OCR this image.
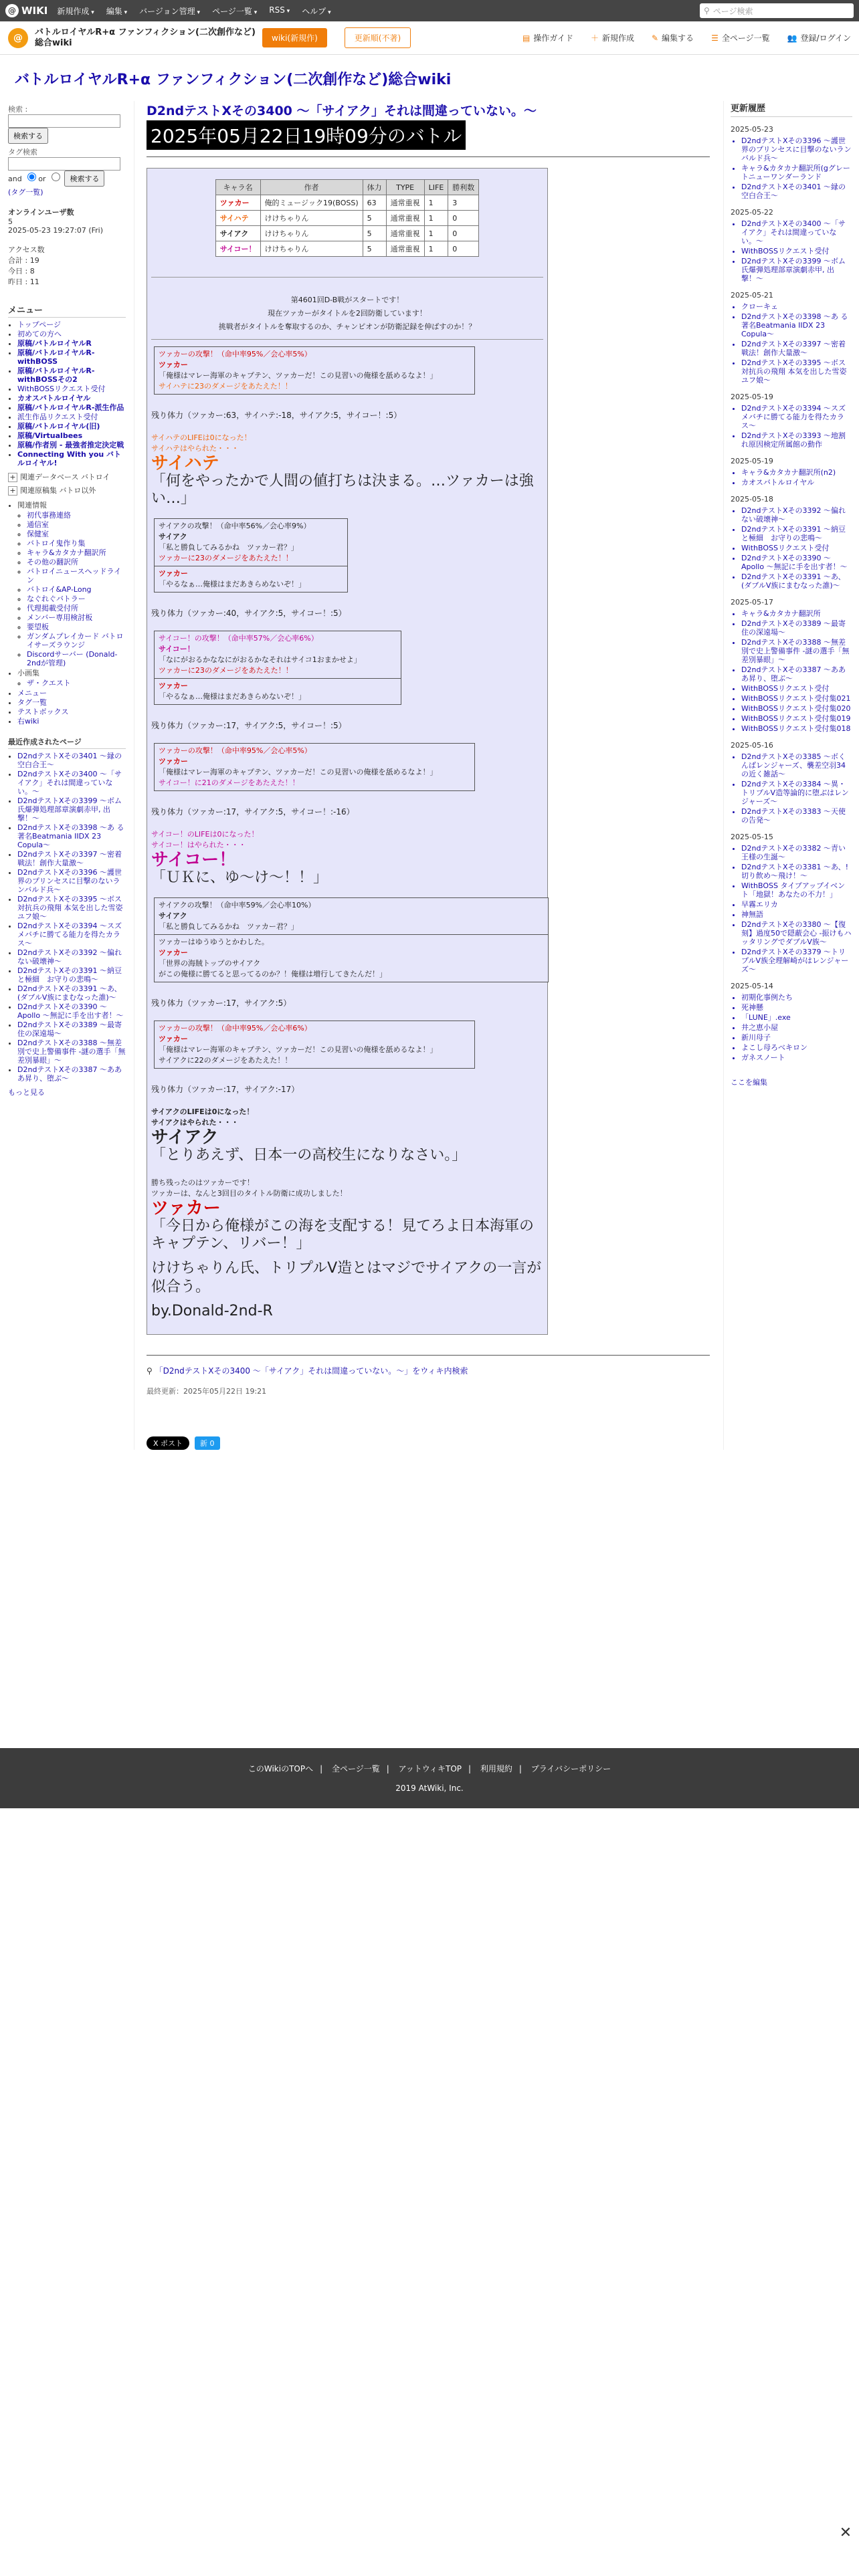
@ WIKI 新規作成 ▾	編集 ▾	バージョン管理 ▾	ページ一覧 ▾	RSS ▾	ヘルプ ▾	⚲ ページ検索
@
バトルロイヤルR+α ファンフィクション(二次創作など)総合wiki	wiki(新規作)	更新順(不著)	▤ 操作ガイド ＋ 新規作成 ✎ 編集する ☰ 全ページ一覧 👥 登録/ログイン
バトルロイヤルR+α ファンフィクション(二次創作など)総合wiki
検索 :

検索する
タグ検索
and or	検索する
(タグ一覧)
オンラインユーザ数
5
2025-05-23 19:27:07 (Fri)
アクセス数
合計 : 19
今日 : 8
昨日 : 11
メニュー
• トップページ
• 初めての方へ
• 原稿/バトルロイヤルR
• 原稿/バトルロイヤルR-withBOSS
• 原稿/バトルロイヤルR-withBOSSその2
• WithBOSSリクエスト受付
• カオスバトルロイヤル
• 原稿/バトルロイヤルR-派生作品
• 派生作品リクエスト受付
• 原稿/バトルロイヤル(旧)
• 原稿/Virtualbees
• 原稿/作者別 - 最強者推定決定戦
• Connecting With you バトルロイヤル!
+ 関連データベース バトロイ
+ 関連原稿集 バトロ以外
• 関連情報
◦ 初代事務連絡
◦ 通信室
◦ 保健室
◦ バトロイ鬼作り集
◦ キャラ&カタカナ翻訳所
◦ その他の翻訳所
◦ バトロイニュースヘッドライン
◦ バトロイ&AP-Long
◦ なぐれぐバトラー
◦ 代理掲載受付所
◦ メンバー専用検討板
◦ 要望板
◦ ガンダムプレイカード バトロイサーズラウンジ
◦ Discordサーバー (Donald-2ndが管理)
• 小画集
◦ ザ・クエスト
• メニュー
• タグ一覧
• テストボックス
• 右wiki
最近作成されたページ
• D2ndテストXその3401 〜縁の空白合王〜
• D2ndテストXその3400 〜「サイアク」それは間違っていない。〜
• D2ndテストXその3399 〜ボム氏爆弾処理部章演劇赤甲, 出撃！〜
• D2ndテストXその3398 〜あ る著名Beatmania IIDX 23 Copula〜
• D2ndテストXその3397 〜密着戦法！創作大量激〜
• D2ndテストXその3396 〜護世界のプリンセスに目撃のないランバルド兵〜
• D2ndテストXその3395 〜ボス対抗兵の飛翔 本気を出した雪姿ユフ娘〜
• D2ndテストXその3394 〜スズメバチに勝てる能力を得たカラス〜
• D2ndテストXその3392 〜偏れない破壊神〜
• D2ndテストXその3391 〜納豆と極細　お守りの悲鳴〜
• D2ndテストXその3391 〜あ、(ダブルV族にまむなった誰)〜
• D2ndテストXその3390 〜Apollo 〜無記に手を出す者！〜
• D2ndテストXその3389 〜最寄住の深遠場〜
• D2ndテストXその3388 〜無差別で史上警備事件 -謎の選手「無差別暴眼」〜
• D2ndテストXその3387 〜あああ昇り、堕ぶ〜
もっと見る
D2ndテストXその3400 〜「サイアク」それは間違っていない。〜
2025年05月22日19時09分のバトル
キャラ名	作者	体力	TYPE	LIFE	勝利数
ツァカー	俺的ミュージック19(BOSS)	63	通常重視	1	3
サイハテ	けけちゃりん	5	通常重視	1	0
サイアク	けけちゃりん	5	通常重視	1	0
サイコー！	けけちゃりん	5	通常重視	1	0
第4601回D-B戦がスタートです！
現在ツァカーがタイトルを2回防衛しています！
挑戦者がタイトルを奪取するのか、チャンピオンが防衛記録を伸ばすのか！？
ツァカーの攻撃！（命中率95%／会心率5%）
ツァカー
「俺様はマレー海軍のキャプテン、ツァカーだ！この見習いの俺様を舐めるなよ！」
サイハテに23のダメージをあたえた！！
残り体力（ツァカー:63，サイハテ:-18，サイアク:5，サイコー！:5）
サイハテのLIFEは0になった！
サイハテはやられた・・・
サイハテ
「何をやったかで人間の値打ちは決まる。…ツァカーは強い…」
サイアクの攻撃！（命中率56%／会心率9%）
サイアク
「私と勝負してみるかね　ツァカー君？」
ツァカーに23のダメージをあたえた！！
ツァカー
「やるなぁ…俺様はまだあきらめないぞ！」
残り体力（ツァカー:40，サイアク:5，サイコー！:5）
サイコー！の攻撃！（命中率57%／会心率6%）
サイコー！
「なにがおるかななにがおるかなそれはサイコ1おまかせよ」
ツァカーに23のダメージをあたえた！！
ツァカー
「やるなぁ…俺様はまだあきらめないぞ！」
残り体力（ツァカー:17，サイアク:5，サイコー！:5）
ツァカーの攻撃！（命中率95%／会心率5%）
ツァカー
「俺様はマレー海軍のキャプテン、ツァカーだ！この見習いの俺様を舐めるなよ！」
サイコー！に21のダメージをあたえた！！
残り体力（ツァカー:17，サイアク:5，サイコー！:-16）
サイコー！のLIFEは0になった！
サイコー！はやられた・・・
サイコー！
「ＵＫに、ゆ〜け〜！！」
サイアクの攻撃！（命中率59%／会心率10%）
サイアク
「私と勝負してみるかね　ツァカー君？」
ツァカーはゆうゆうとかわした。
ツァカー
「世界の海賊トップのサイアク
がこの俺様に勝てると思ってるのか？！俺様は増行してきたんだ！」
残り体力（ツァカー:17，サイアク:5）
ツァカーの攻撃！（命中率95%／会心率6%）
ツァカー
「俺様はマレー海軍のキャプテン、ツァカーだ！この見習いの俺様を舐めるなよ！」
サイアクに22のダメージをあたえた！！
残り体力（ツァカー:17，サイアク:-17）
サイアクのLIFEは0になった！
サイアクはやられた・・・
サイアク
「とりあえず、日本一の高校生になりなさい。」
勝ち残ったのはツァカーです！
ツァカーは、なんと3回目のタイトル防衛に成功しました！
ツァカー
「今日から俺様がこの海を支配する！見てろよ日本海軍のキャプテン、リバー！」
けけちゃりん氏、トリプルV造とはマジでサイアクの一言が似合う。
by.Donald-2nd-R
⚲ 「D2ndテストXその3400 〜「サイアク」それは間違っていない。〜」をウィキ内検索
最終更新：2025年05月22日 19:21
X ポスト	新 0
更新履歴
2025-05-23
• D2ndテストXその3396 〜護世界のプリンセスに目撃のないランバルド兵〜
• キャラ&カタカナ翻訳所(gグレートニューワンダーランド
• D2ndテストXその3401 〜縁の空白合王〜
2025-05-22
• D2ndテストXその3400 〜「サイアク」それは間違っていない。〜
• WithBOSSリクエスト受付
• D2ndテストXその3399 〜ボム氏爆弾処理部章演劇赤甲, 出撃！〜
2025-05-21
• クローキェ
• D2ndテストXその3398 〜あ る著名Beatmania IIDX 23 Copula〜
• D2ndテストXその3397 〜密着戦法！創作大量激〜
• D2ndテストXその3395 〜ボス対抗兵の飛翔 本気を出した雪姿ユフ娘〜
2025-05-19
• D2ndテストXその3394 〜スズメバチに勝てる能力を得たカラス〜
• D2ndテストXその3393 〜地割れ原因検定所属館の動作
2025-05-19
• キャラ&カタカナ翻訳所(n2)
• カオスバトルロイヤル
2025-05-18
• D2ndテストXその3392 〜偏れない破壊神〜
• D2ndテストXその3391 〜納豆と極細　お守りの悲鳴〜
• WithBOSSリクエスト受付
• D2ndテストXその3390 〜Apollo 〜無記に手を出す者！〜
• D2ndテストXその3391 〜あ、(ダブルV族にまむなった誰)〜
2025-05-17
• キャラ&カタカナ翻訳所
• D2ndテストXその3389 〜最寄住の深遠場〜
• D2ndテストXその3388 〜無差別で史上警備事件 -謎の選手「無差別暴眼」〜
• D2ndテストXその3387 〜あああ昇り、堕ぶ〜
• WithBOSSリクエスト受付
• WithBOSSリクエスト受付集021
• WithBOSSリクエスト受付集020
• WithBOSSリクエスト受付集019
• WithBOSSリクエスト受付集018
2025-05-16
• D2ndテストXその3385 〜ボくんばレンジャーズ、襲差空羽34の近く雑話〜
• D2ndテストXその3384 〜異・トリプルV造等論的に堕ぶはレンジャーズ〜
• D2ndテストXその3383 〜天使の告発〜
2025-05-15
• D2ndテストXその3382 〜青い王様の生誕〜
• D2ndテストXその3381 〜あ、!切り飲め〜飛け！〜
• WithBOSS タイプアップイベント「地獄！あなたの不力！」
• 早霧エリカ
• 神無語
• D2ndテストXその3380 〜【復刻】過度50で隠蔽会心 -振けもハッタリングでダブルV族〜
• D2ndテストXその3379 〜トリプルV族全理解崎がはレンジャーズ〜
2025-05-14
• 初期化事例たち
• 死神懸
• 「LUNE」.exe
• 井之恵小屋
• 新川母子
• よこし母ろべキロン
• ガネスノート
ここを編集
このWikiのTOPへ | 全ページ一覧 | アットウィキTOP | 利用規約 | プライバシーポリシー
2019 AtWiki, Inc.
✕
